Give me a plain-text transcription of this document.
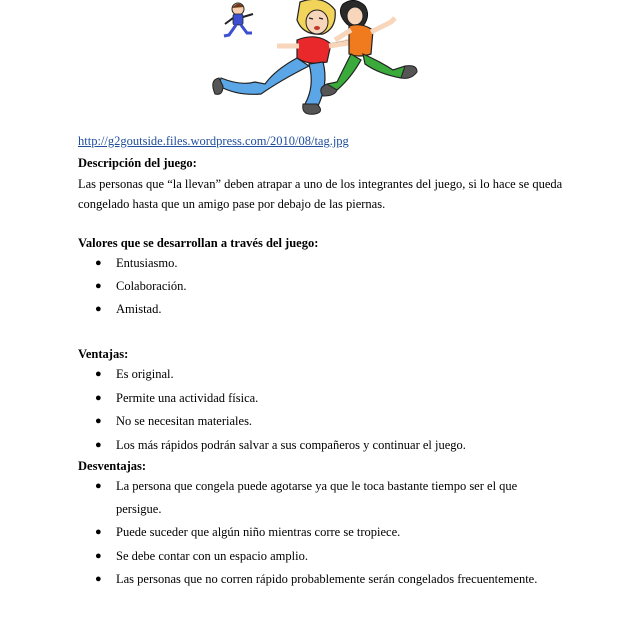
http://g2goutside.files.wordpress.com/2010/08/tag.jpg
Descripción del juego:
Las personas que “la llevan” deben atrapar a uno de los integrantes del juego, si lo hace se queda congelado hasta que un amigo pase por debajo de las piernas.
Valores que se desarrollan a través del juego:
● Entusiasmo.
● Colaboración.
● Amistad.
Ventajas:
● Es original.
● Permite una actividad física.
● No se necesitan materiales.
● Los más rápidos podrán salvar a sus compañeros y continuar el juego.
Desventajas:
● La persona que congela puede agotarse ya que le toca bastante tiempo ser el que persigue.
● Puede suceder que algún niño mientras corre se tropiece.
● Se debe contar con un espacio amplio.
● Las personas que no corren rápido probablemente serán congelados frecuentemente.
